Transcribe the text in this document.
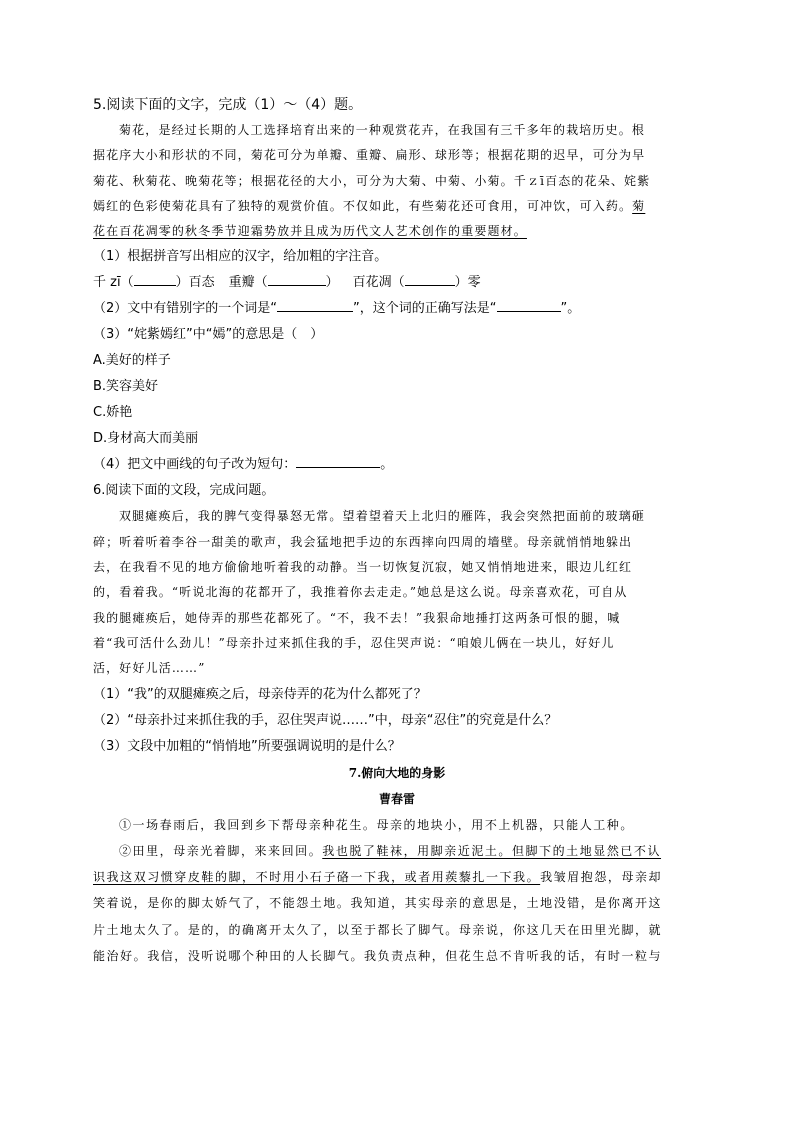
5.阅读下面的文字，完成（1）～（4）题。
菊花，是经过长期的人工选择培育出来的一种观赏花卉，在我国有三千多年的栽培历史。根
据花序大小和形状的不同，菊花可分为单瓣、重瓣、扁形、球形等；根据花期的迟早，可分为早
菊花、秋菊花、晚菊花等；根据花径的大小，可分为大菊、中菊、小菊。千ｚī百态的花朵、姹紫
嫣红的色彩使菊花具有了独特的观赏价值。不仅如此，有些菊花还可食用，可冲饮，可入药。菊
花在百花凋零的秋冬季节迎霜势放并且成为历代文人艺术创作的重要题材。
（1）根据拼音写出相应的汉字，给加粗的字注音。
千 zī（	）百态 重瓣（	） 百花凋（	）零
（2）文中有错别字的一个词是“	”，这个词的正确写法是“	”。
（3）“姹紫嫣红”中“嫣”的意思是（　）
A.美好的样子
B.笑容美好
C.娇艳
D.身材高大而美丽
（4）把文中画线的句子改为短句：	。
6.阅读下面的文段，完成问题。
双腿瘫痪后，我的脾气变得暴怒无常。望着望着天上北归的雁阵，我会突然把面前的玻璃砸
碎；听着听着李谷一甜美的歌声，我会猛地把手边的东西摔向四周的墙壁。母亲就悄悄地躲出
去，在我看不见的地方偷偷地听着我的动静。当一切恢复沉寂，她又悄悄地进来，眼边儿红红
的，看着我。“听说北海的花都开了，我推着你去走走。”她总是这么说。母亲喜欢花，可自从
我的腿瘫痪后，她侍弄的那些花都死了。“不，我不去！”我狠命地捶打这两条可恨的腿，喊
着“我可活什么劲儿！”母亲扑过来抓住我的手，忍住哭声说：“咱娘儿俩在一块儿，好好儿
活，好好儿活……”
（1）“我”的双腿瘫痪之后，母亲侍弄的花为什么都死了？
（2）“母亲扑过来抓住我的手，忍住哭声说……”中，母亲“忍住”的究竟是什么？
（3）文段中加粗的“悄悄地”所要强调说明的是什么？
7.俯向大地的身影
曹春雷
①一场春雨后，我回到乡下帮母亲种花生。母亲的地块小，用不上机器，只能人工种。
②田里，母亲光着脚，来来回回。我也脱了鞋袜，用脚亲近泥土。但脚下的土地显然已不认
识我这双习惯穿皮鞋的脚，不时用小石子硌一下我，或者用蒺藜扎一下我。我皱眉抱怨，母亲却
笑着说，是你的脚太娇气了，不能怨土地。我知道，其实母亲的意思是，土地没错，是你离开这
片土地太久了。是的，的确离开太久了，以至于都长了脚气。母亲说，你这几天在田里光脚，就
能治好。我信，没听说哪个种田的人长脚气。我负责点种，但花生总不肯听我的话，有时一粒与
